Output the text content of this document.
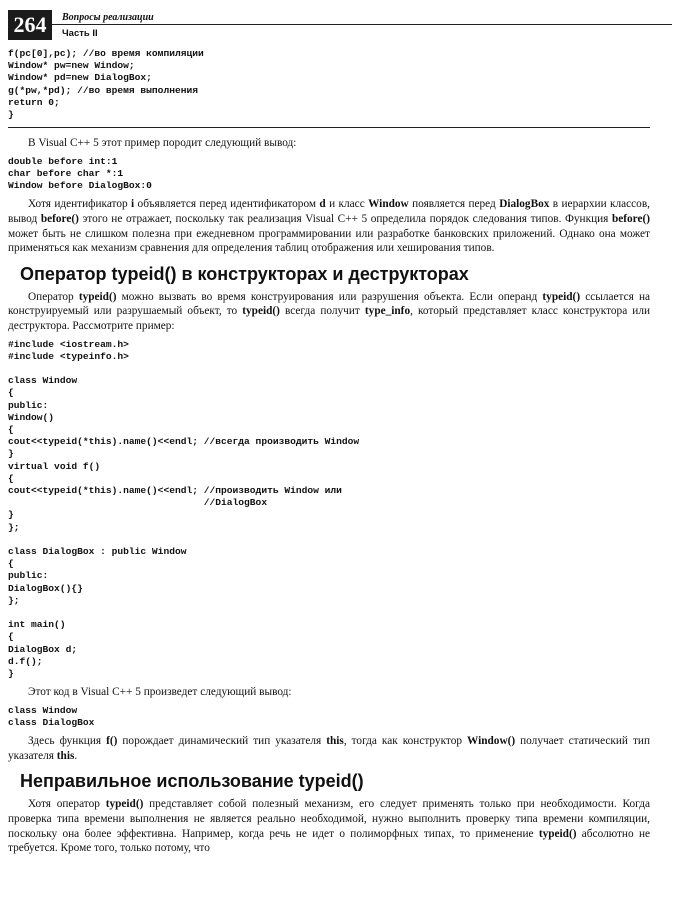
264	Вопросы реализации
Часть II
f(pc[0],pc); //во время компиляции
Window* pw=new Window;
Window* pd=new DialogBox;
g(*pw,*pd); //во время выполнения
return 0;
}

В Visual C++ 5 этот пример породит следующий вывод:

double before int:1
char before char *:1
Window before DialogBox:0

Хотя идентификатор i объявляется перед идентификатором d и класс Window появляется перед DialogBox в иерархии классов, вывод before() этого не отражает, поскольку так реализация Visual C++ 5 определила порядок следования типов. Функция before() может быть не слишком полезна при ежедневном программировании или разработке банковских приложений. Однако она может применяться как механизм сравнения для определения таблиц отображения или хеширования типов.

Оператор typeid() в конструкторах и деструкторах

Оператор typeid() можно вызвать во время конструирования или разрушения объекта. Если операнд typeid() ссылается на конструируемый или разрушаемый объект, то typeid() всегда получит type_info, который представляет класс конструктора или деструктора. Рассмотрите пример:

#include <iostream.h>
#include <typeinfo.h>

class Window
{
public:
Window()
{
cout<<typeid(*this).name()<<endl; //всегда производить Window
}
virtual void f()
{
cout<<typeid(*this).name()<<endl; //производить Window или
//DialogBox
}
};

class DialogBox : public Window
{
public:
DialogBox(){}
};

int main()
{
DialogBox d;
d.f();
}

Этот код в Visual C++ 5 произведет следующий вывод:

class Window
class DialogBox

Здесь функция f() порождает динамический тип указателя this, тогда как конструктор Window() получает статический тип указателя this.

Неправильное использование typeid()

Хотя оператор typeid() представляет собой полезный механизм, его следует применять только при необходимости. Когда проверка типа времени выполнения не является реально необходимой, нужно выполнить проверку типа времени компиляции, поскольку она более эффективна. Например, когда речь не идет о полиморфных типах, то применение typeid() абсолютно не требуется. Кроме того, только потому, что
